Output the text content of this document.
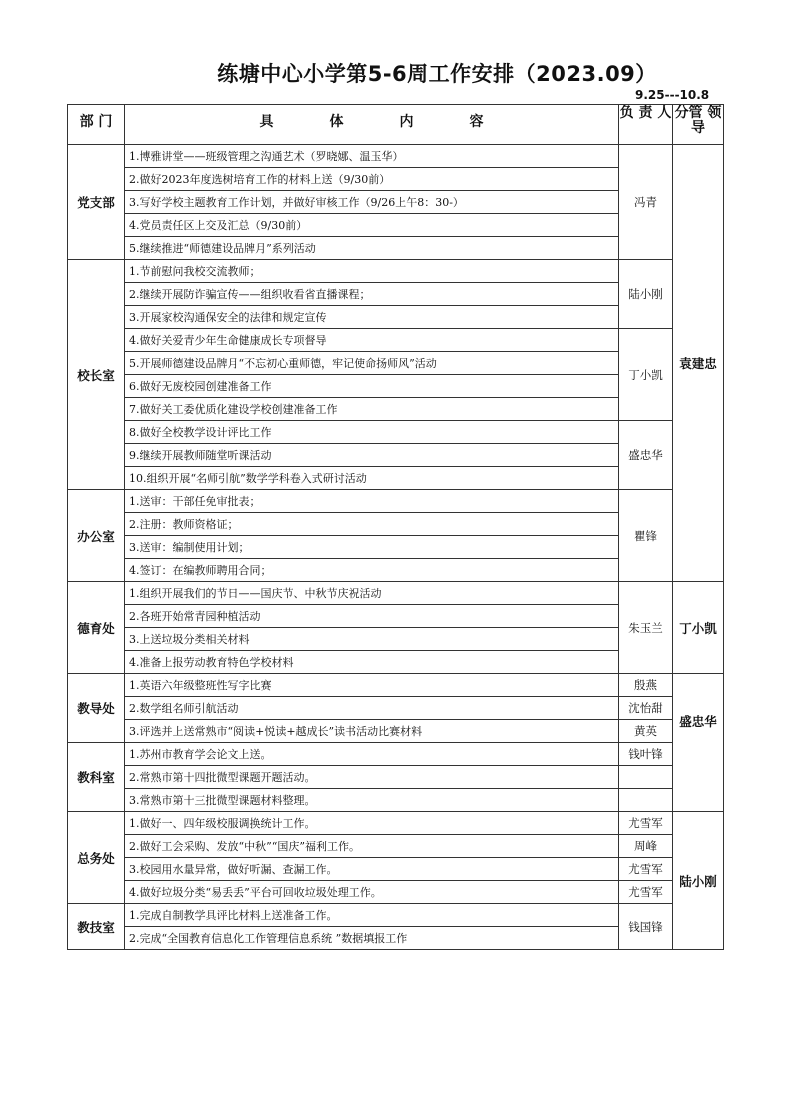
练塘中心小学第5-6周工作安排（2023.09）
9.25---10.8
部 门	具 体 内 容	负 责 人	分管 领导
党支部	1.博雅讲堂——班级管理之沟通艺术（罗晓娜、温玉华）	冯青	袁建忠
	2.做好2023年度选树培育工作的材料上送（9/30前）		
	3.写好学校主题教育工作计划，并做好审核工作（9/26上午8：30-）		
	4.党员责任区上交及汇总（9/30前）		
	5.继续推进“师德建设品牌月”系列活动		
校长室	1.节前慰问我校交流教师；	陆小刚	
	2.继续开展防诈骗宣传——组织收看省直播课程；		
	3.开展家校沟通保安全的法律和规定宣传		
	4.做好关爱青少年生命健康成长专项督导	丁小凯	
	5.开展师德建设品牌月“不忘初心重师德，牢记使命扬师风”活动		
	6.做好无废校园创建准备工作		
	7.做好关工委优质化建设学校创建准备工作		
	8.做好全校教学设计评比工作	盛忠华	
	9.继续开展教师随堂听课活动		
	10.组织开展“名师引航”数学学科卷入式研讨活动		
办公室	1.送审：干部任免审批表；	瞿锋	
	2.注册：教师资格证；		
	3.送审：编制使用计划；		
	4.签订：在编教师聘用合同；		
德育处	1.组织开展我们的节日——国庆节、中秋节庆祝活动	朱玉兰	丁小凯
	2.各班开始常青园种植活动		
	3.上送垃圾分类相关材料		
	4.准备上报劳动教育特色学校材料		
教导处	1.英语六年级整班性写字比赛	殷燕	盛忠华
	2.数学组名师引航活动	沈怡甜	
	3.评选并上送常熟市“阅读+悦读+越成长”读书活动比赛材料	黄英	
教科室	1.苏州市教育学会论文上送。	钱叶锋	
	2.常熟市第十四批微型课题开题活动。		
	3.常熟市第十三批微型课题材料整理。		
总务处	1.做好一、四年级校服调换统计工作。	尤雪军	陆小刚
	2.做好工会采购、发放“中秋”“国庆”福利工作。	周峰	
	3.校园用水量异常，做好听漏、查漏工作。	尤雪军	
	4.做好垃圾分类“易丢丢”平台可回收垃圾处理工作。	尤雪军	
教技室	1.完成自制教学具评比材料上送准备工作。	钱国锋	
	2.完成“全国教育信息化工作管理信息系统 ”数据填报工作		
